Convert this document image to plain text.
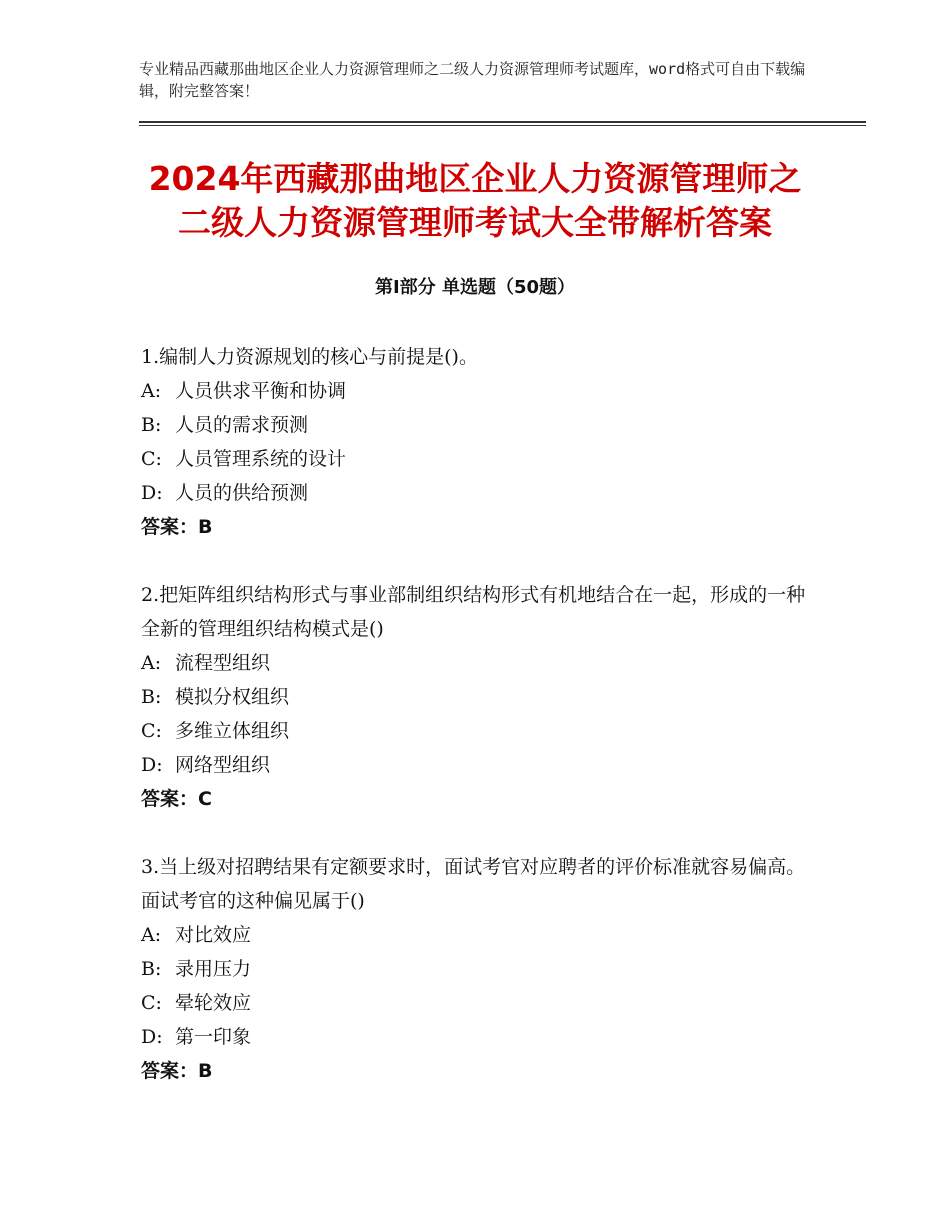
专业精品西藏那曲地区企业人力资源管理师之二级人力资源管理师考试题库，word格式可自由下载编辑，附完整答案！
2024年西藏那曲地区企业人力资源管理师之
二级人力资源管理师考试大全带解析答案
第Ⅰ部分 单选题（50题）
1.编制人力资源规划的核心与前提是()。
A: 人员供求平衡和协调
B: 人员的需求预测
C: 人员管理系统的设计
D: 人员的供给预测
答案：B
2.把矩阵组织结构形式与事业部制组织结构形式有机地结合在一起，形成的一种全新的管理组织结构模式是()
A: 流程型组织
B: 模拟分权组织
C: 多维立体组织
D: 网络型组织
答案：C
3.当上级对招聘结果有定额要求时，面试考官对应聘者的评价标准就容易偏高。面试考官的这种偏见属于()
A: 对比效应
B: 录用压力
C: 晕轮效应
D: 第一印象
答案：B
